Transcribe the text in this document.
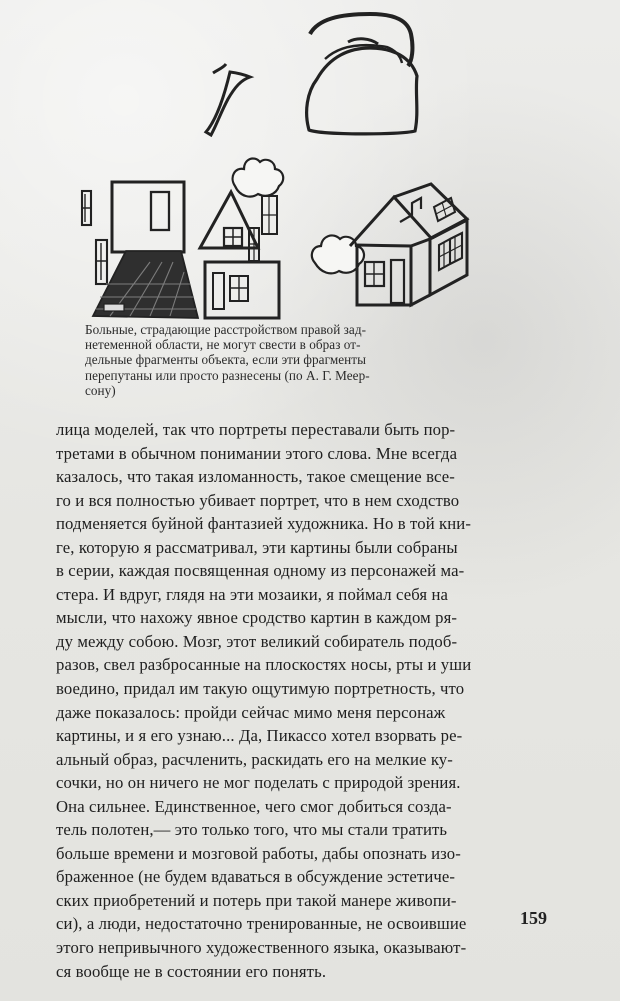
Больные, страдающие расстройством правой зад-
нетеменной области, не могут свести в образ от-
дельные фрагменты объекта, если эти фрагменты
перепутаны или просто разнесены (по А. Г. Меер-
сону)
лица моделей, так что портреты переставали быть пор-
третами в обычном понимании этого слова. Мне всегда
казалось, что такая изломанность, такое смещение все-
го и вся полностью убивает портрет, что в нем сходство
подменяется буйной фантазией художника. Но в той кни-
ге, которую я рассматривал, эти картины были собраны
в серии, каждая посвященная одному из персонажей ма-
стера. И вдруг, глядя на эти мозаики, я поймал себя на
мысли, что нахожу явное сродство картин в каждом ря-
ду между собою. Мозг, этот великий собиратель подоб-
разов, свел разбросанные на плоскостях носы, рты и уши
воедино, придал им такую ощутимую портретность, что
даже показалось: пройди сейчас мимо меня персонаж
картины, и я его узнаю... Да, Пикассо хотел взорвать ре-
альный образ, расчленить, раскидать его на мелкие ку-
сочки, но он ничего не мог поделать с природой зрения.
Она сильнее. Единственное, чего смог добиться созда-
тель полотен,— это только того, что мы стали тратить
больше времени и мозговой работы, дабы опознать изо-
браженное (не будем вдаваться в обсуждение эстетиче-
ских приобретений и потерь при такой манере живопи-
си), а люди, недостаточно тренированные, не освоившие
этого непривычного художественного языка, оказывают-
ся вообще не в состоянии его понять.
159
